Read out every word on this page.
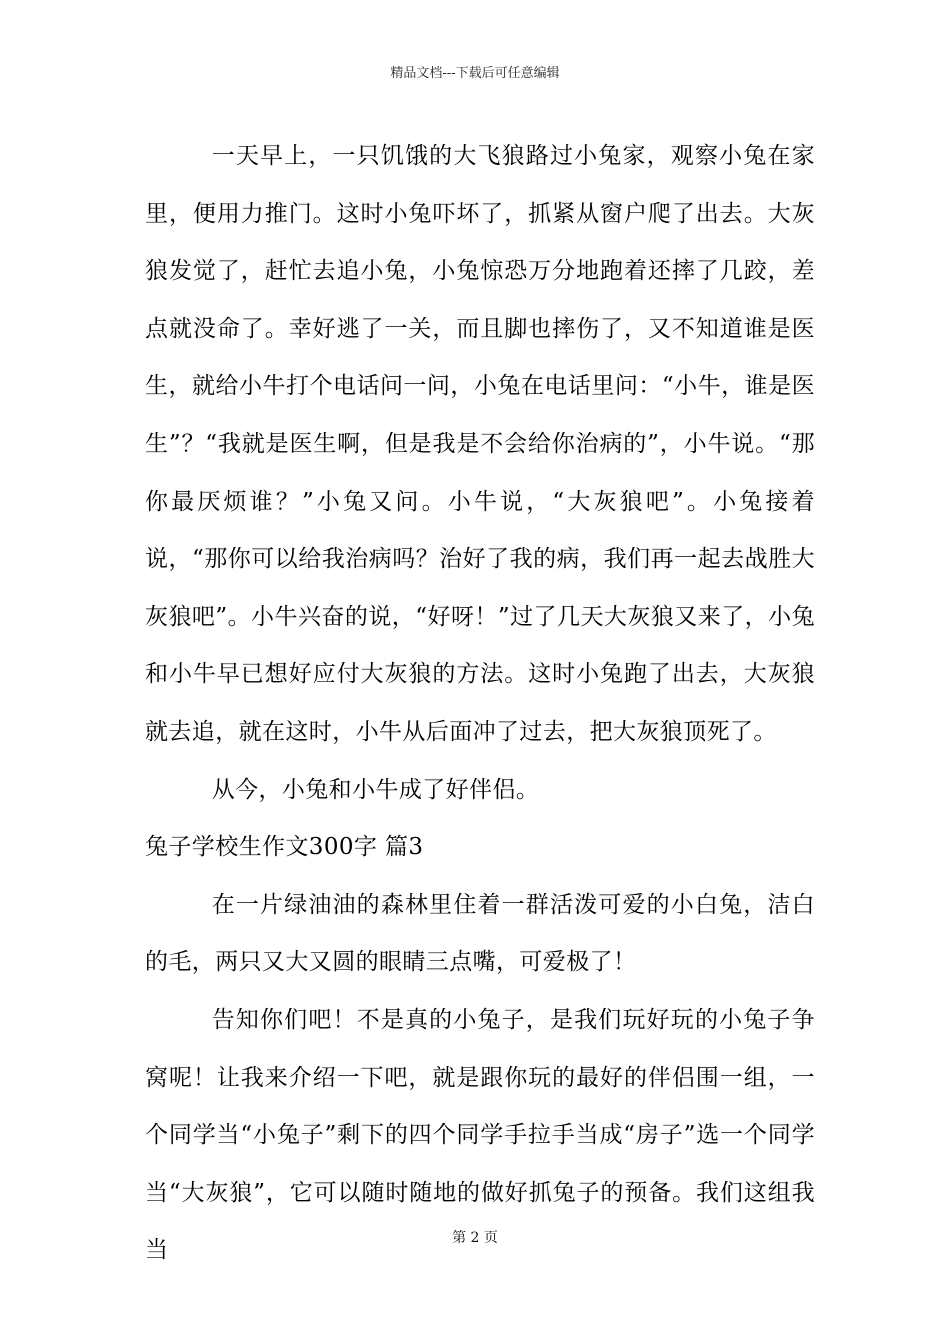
精品文档---下载后可任意编辑

一天早上，一只饥饿的大飞狼路过小兔家，观察小兔在家里，便用力推门。这时小兔吓坏了，抓紧从窗户爬了出去。大灰狼发觉了，赶忙去追小兔，小兔惊恐万分地跑着还摔了几跤，差点就没命了。幸好逃了一关，而且脚也摔伤了，又不知道谁是医生，就给小牛打个电话问一问，小兔在电话里问：“小牛，谁是医生”？“我就是医生啊，但是我是不会给你治病的”，小牛说。“那你最厌烦谁？”小兔又问。小牛说，“大灰狼吧”。小兔接着说，“那你可以给我治病吗？治好了我的病，我们再一起去战胜大灰狼吧”。小牛兴奋的说，“好呀！”过了几天大灰狼又来了，小兔和小牛早已想好应付大灰狼的方法。这时小兔跑了出去，大灰狼就去追，就在这时，小牛从后面冲了过去，把大灰狼顶死了。

从今，小兔和小牛成了好伴侣。

兔子学校生作文300字 篇3

在一片绿油油的森林里住着一群活泼可爱的小白兔，洁白的毛，两只又大又圆的眼睛三点嘴，可爱极了！

告知你们吧！不是真的小兔子，是我们玩好玩的小兔子争窝呢！让我来介绍一下吧，就是跟你玩的最好的伴侣围一组，一个同学当“小兔子”剩下的四个同学手拉手当成“房子”选一个同学当“大灰狼”，它可以随时随地的做好抓兔子的预备。我们这组我当	第 2 页
